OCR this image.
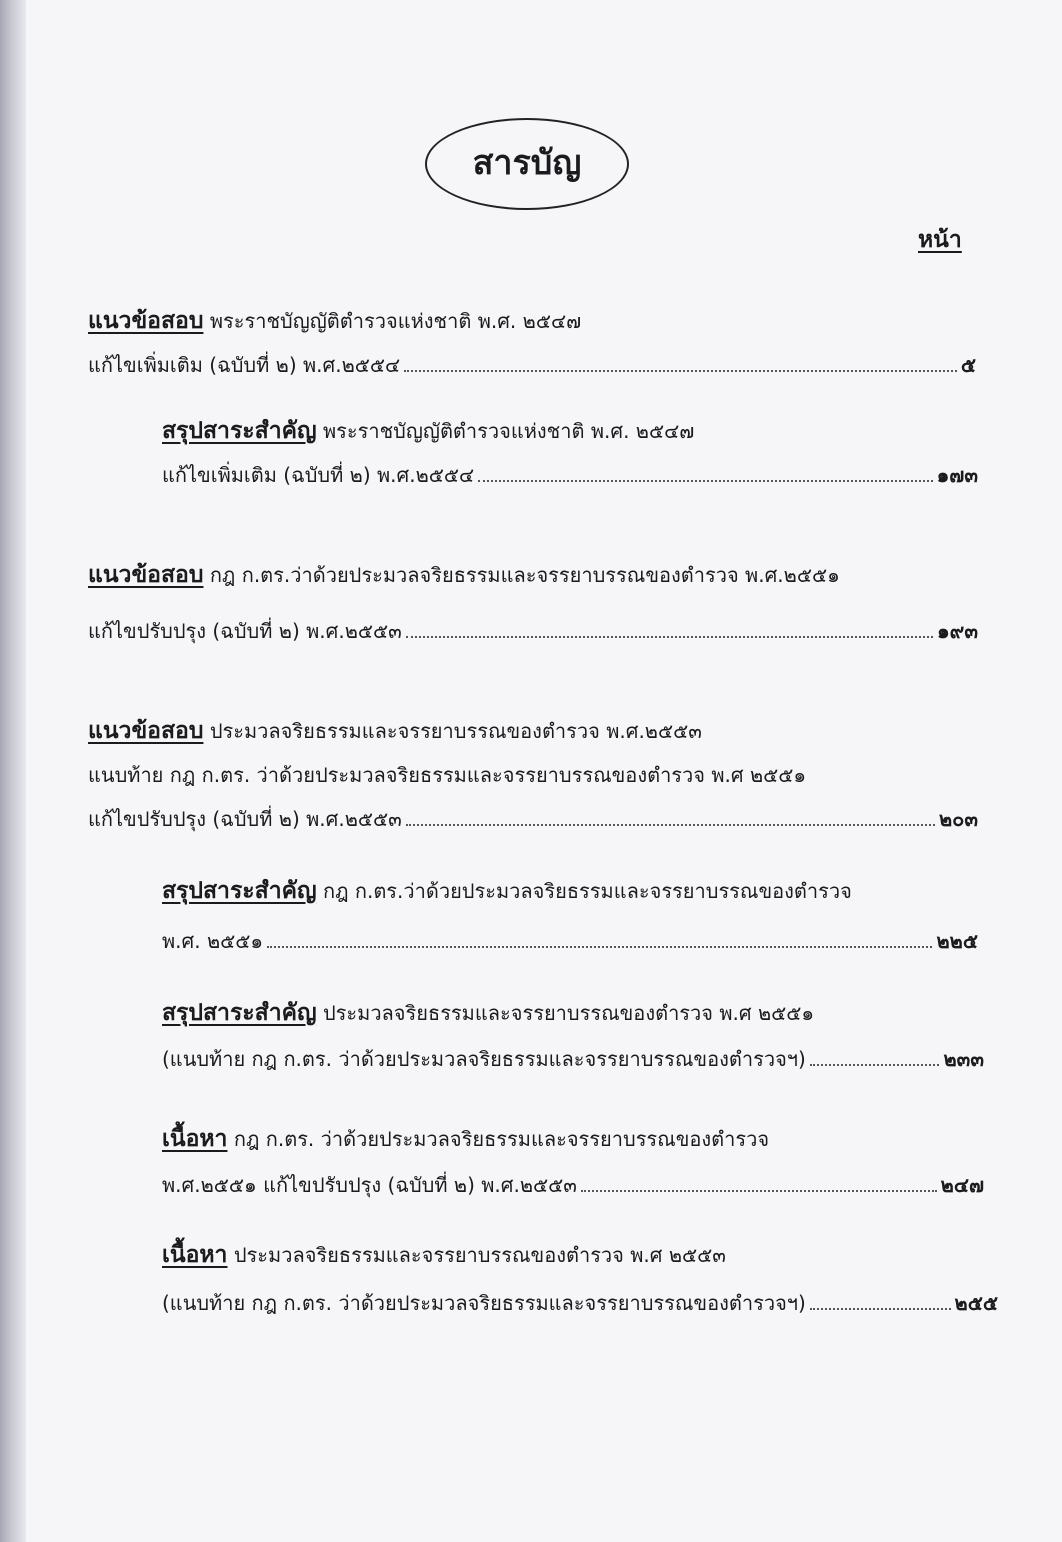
สารบัญ
หน้า
แนวข้อสอบ พระราชบัญญัติตำรวจแห่งชาติ พ.ศ. ๒๕๔๗
แก้ไขเพิ่มเติม (ฉบับที่ ๒) พ.ศ.๒๕๕๔	๕
สรุปสาระสำคัญ พระราชบัญญัติตำรวจแห่งชาติ พ.ศ. ๒๕๔๗
แก้ไขเพิ่มเติม (ฉบับที่ ๒) พ.ศ.๒๕๕๔	๑๗๓
แนวข้อสอบ กฎ ก.ตร.ว่าด้วยประมวลจริยธรรมและจรรยาบรรณของตำรวจ พ.ศ.๒๕๕๑
แก้ไขปรับปรุง (ฉบับที่ ๒) พ.ศ.๒๕๕๓	๑๙๓
แนวข้อสอบ ประมวลจริยธรรมและจรรยาบรรณของตำรวจ พ.ศ.๒๕๕๓
แนบท้าย กฎ ก.ตร. ว่าด้วยประมวลจริยธรรมและจรรยาบรรณของตำรวจ พ.ศ ๒๕๕๑
แก้ไขปรับปรุง (ฉบับที่ ๒) พ.ศ.๒๕๕๓	๒๐๓
สรุปสาระสำคัญ กฎ ก.ตร.ว่าด้วยประมวลจริยธรรมและจรรยาบรรณของตำรวจ
พ.ศ. ๒๕๕๑	๒๒๕
สรุปสาระสำคัญ ประมวลจริยธรรมและจรรยาบรรณของตำรวจ พ.ศ ๒๕๕๑
(แนบท้าย กฎ ก.ตร. ว่าด้วยประมวลจริยธรรมและจรรยาบรรณของตำรวจฯ)	๒๓๓
เนื้อหา กฎ ก.ตร. ว่าด้วยประมวลจริยธรรมและจรรยาบรรณของตำรวจ
พ.ศ.๒๕๕๑ แก้ไขปรับปรุง (ฉบับที่ ๒) พ.ศ.๒๕๕๓	๒๔๗
เนื้อหา ประมวลจริยธรรมและจรรยาบรรณของตำรวจ พ.ศ ๒๕๕๓
(แนบท้าย กฎ ก.ตร. ว่าด้วยประมวลจริยธรรมและจรรยาบรรณของตำรวจฯ)	๒๕๕
